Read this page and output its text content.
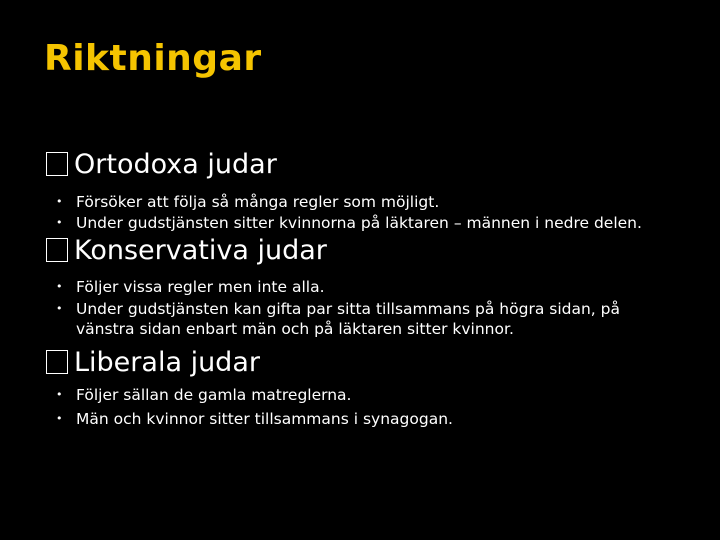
Riktningar
Ortodoxa judar
• Försöker att följa så många regler som möjligt.
• Under gudstjänsten sitter kvinnorna på läktaren – männen i nedre delen.
Konservativa judar
• Följer vissa regler men inte alla.
• Under gudstjänsten kan gifta par sitta tillsammans på högra sidan, på vänstra sidan enbart män och på läktaren sitter kvinnor.
Liberala judar
• Följer sällan de gamla matreglerna.
• Män och kvinnor sitter tillsammans i synagogan.
